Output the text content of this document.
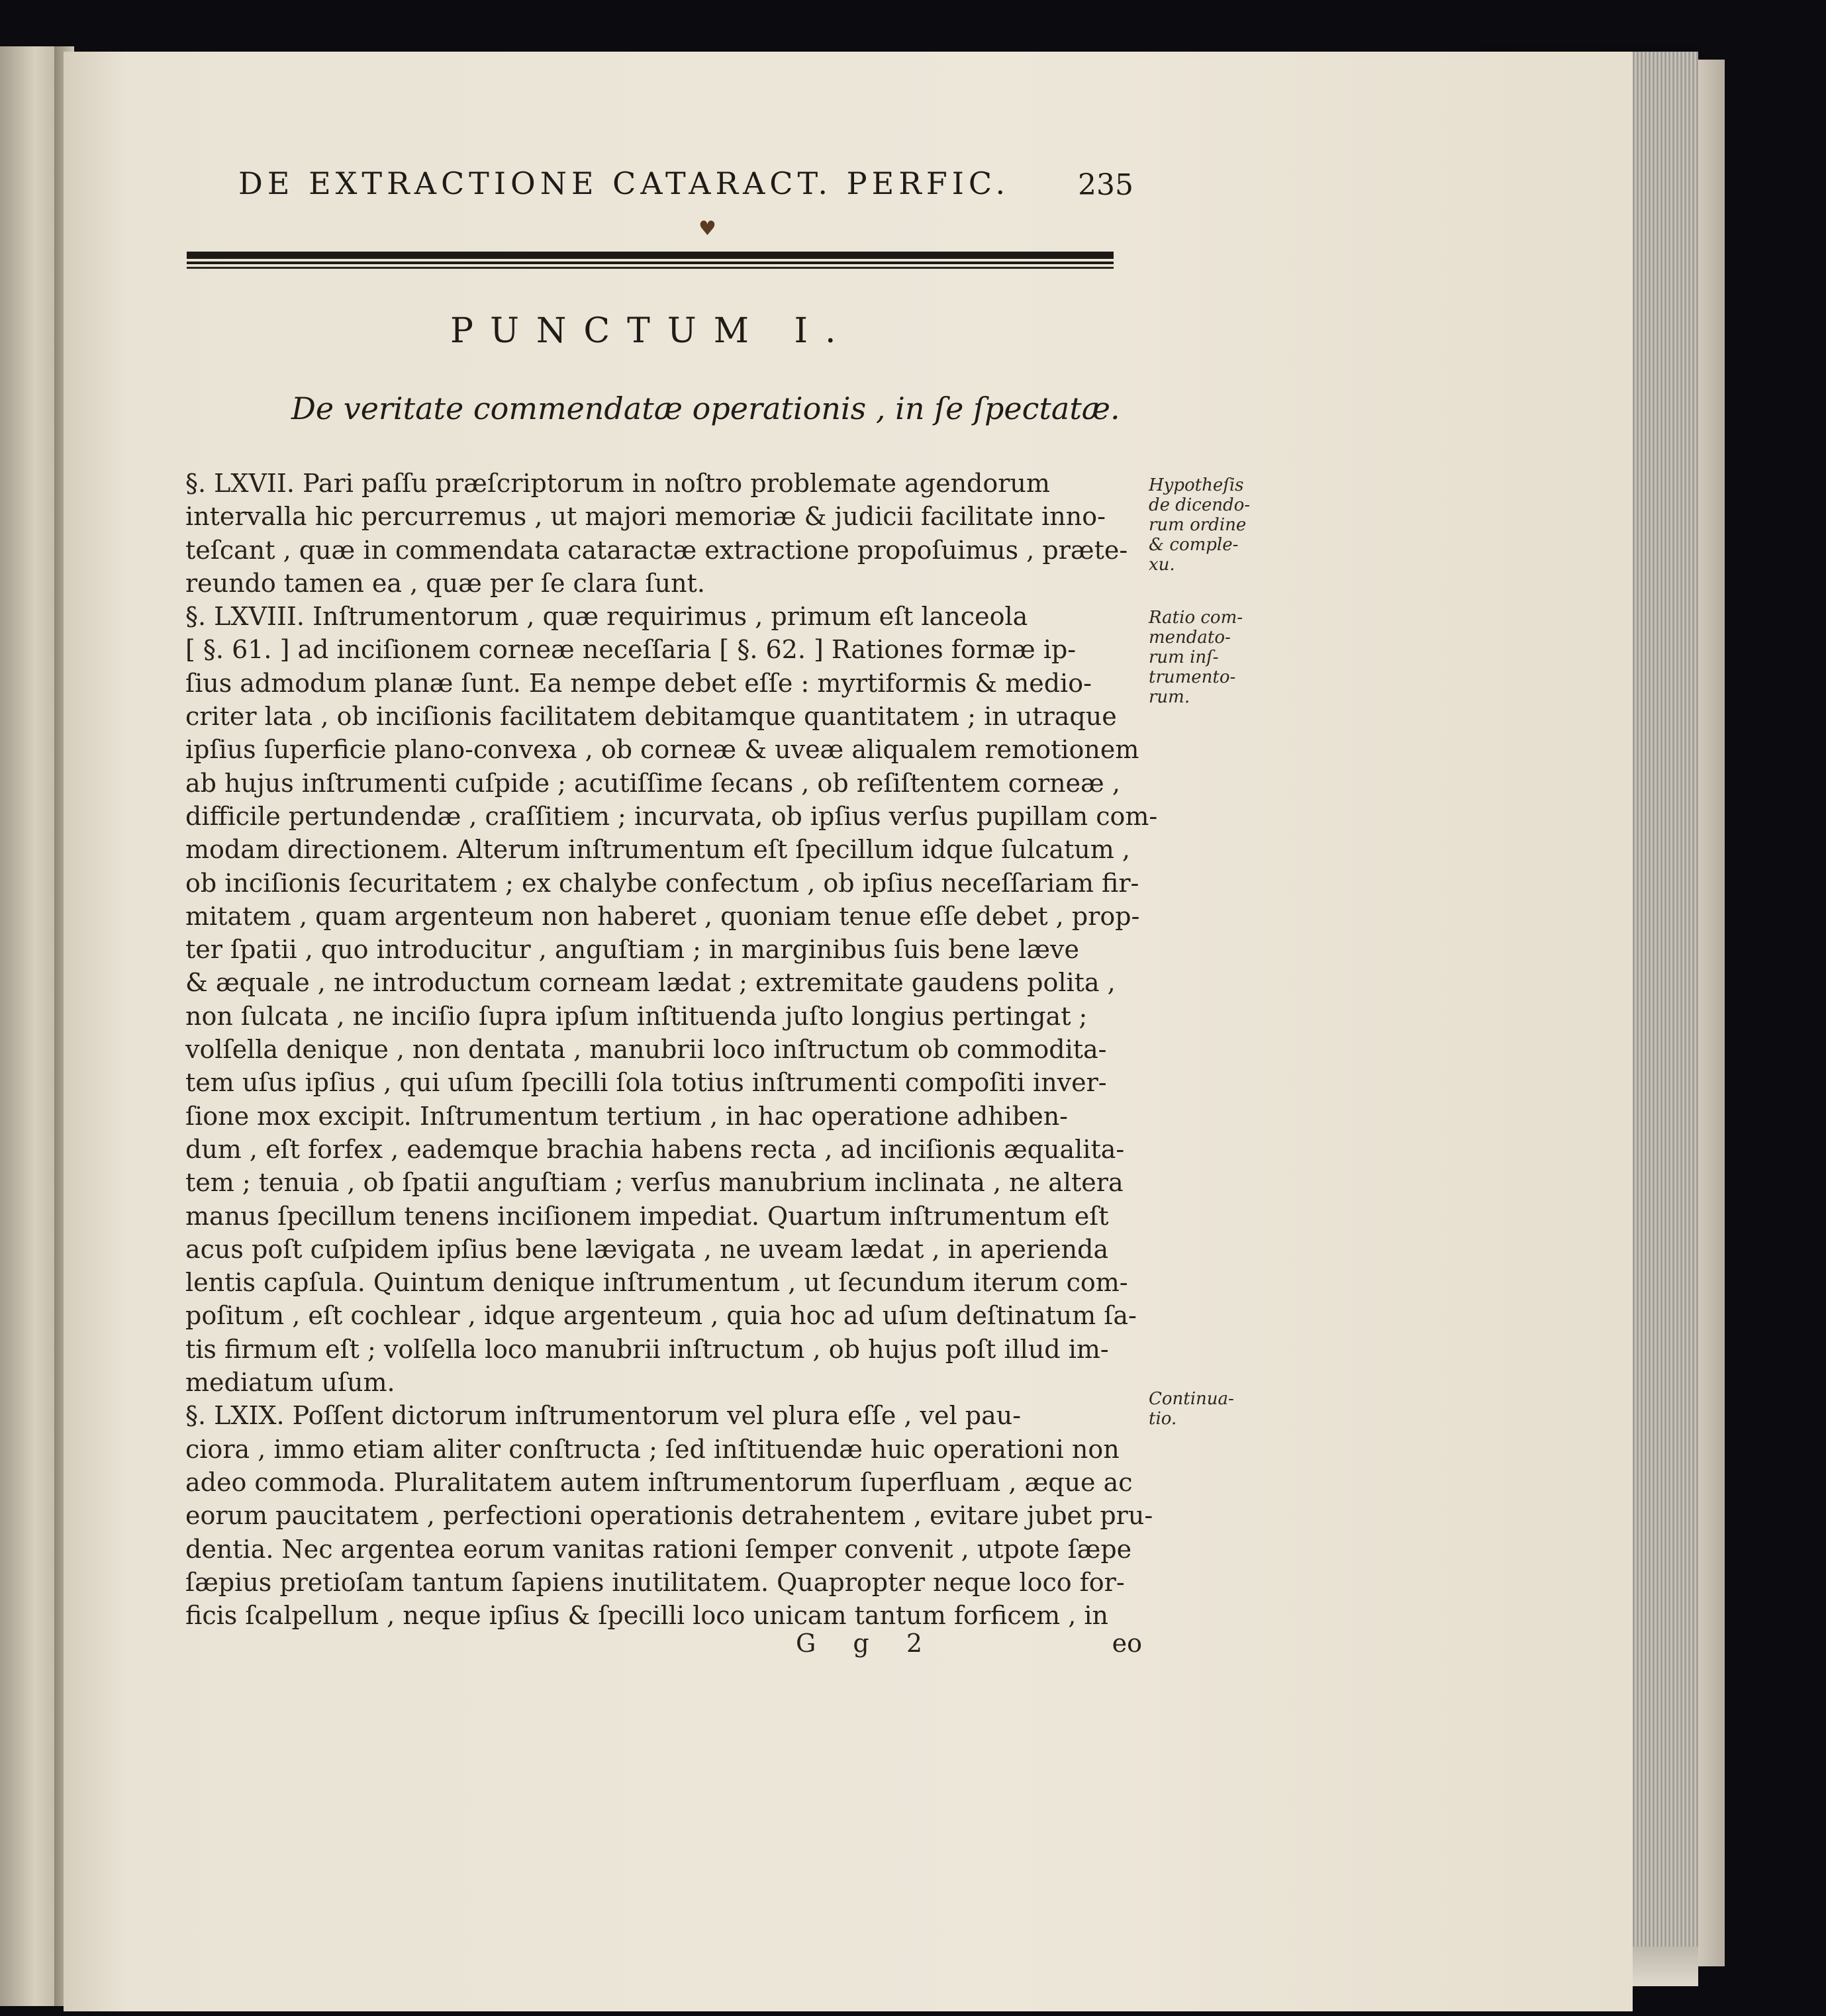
DE EXTRACTIONE CATARACT. PERFIC.	235
♥
PUNCTUM I.
De veritate commendatæ operationis , in ſe ſpectatæ.
§. LXVII. Pari paſſu præſcriptorum in noſtro problemate agendorum
intervalla hic percurremus , ut majori memoriæ & judicii facilitate inno-
teſcant , quæ in commendata cataractæ extractione propoſuimus , præte-
reundo tamen ea , quæ per ſe clara ſunt.
§. LXVIII. Inſtrumentorum , quæ requirimus , primum eſt lanceola
[ §. 61. ] ad inciſionem corneæ neceſſaria [ §. 62. ] Rationes formæ ip-
ſius admodum planæ ſunt. Ea nempe debet eſſe : myrtiformis & medio-
criter lata , ob inciſionis facilitatem debitamque quantitatem ; in utraque
ipſius ſuperficie plano-convexa , ob corneæ & uveæ aliqualem remotionem
ab hujus inſtrumenti cuſpide ; acutiſſime ſecans , ob reſiſtentem corneæ ,
difficile pertundendæ , craſſitiem ; incurvata, ob ipſius verſus pupillam com-
modam directionem. Alterum inſtrumentum eſt ſpecillum idque ſulcatum ,
ob inciſionis ſecuritatem ; ex chalybe confectum , ob ipſius neceſſariam fir-
mitatem , quam argenteum non haberet , quoniam tenue eſſe debet , prop-
ter ſpatii , quo introducitur , anguſtiam ; in marginibus ſuis bene læve
& æquale , ne introductum corneam lædat ; extremitate gaudens polita ,
non ſulcata , ne inciſio ſupra ipſum inſtituenda juſto longius pertingat ;
volſella denique , non dentata , manubrii loco inſtructum ob commodita-
tem uſus ipſius , qui uſum ſpecilli ſola totius inſtrumenti compoſiti inver-
ſione mox excipit. Inſtrumentum tertium , in hac operatione adhiben-
dum , eſt forfex , eademque brachia habens recta , ad inciſionis æqualita-
tem ; tenuia , ob ſpatii anguſtiam ; verſus manubrium inclinata , ne altera
manus ſpecillum tenens inciſionem impediat. Quartum inſtrumentum eſt
acus poſt cuſpidem ipſius bene lævigata , ne uveam lædat , in aperienda
lentis capſula. Quintum denique inſtrumentum , ut ſecundum iterum com-
poſitum , eſt cochlear , idque argenteum , quia hoc ad uſum deſtinatum ſa-
tis firmum eſt ; volſella loco manubrii inſtructum , ob hujus poſt illud im-
mediatum uſum.
§. LXIX. Poſſent dictorum inſtrumentorum vel plura eſſe , vel pau-
ciora , immo etiam aliter conſtructa ; ſed inſtituendæ huic operationi non
adeo commoda. Pluralitatem autem inſtrumentorum ſuperfluam , æque ac
eorum paucitatem , perfectioni operationis detrahentem , evitare jubet pru-
dentia. Nec argentea eorum vanitas rationi ſemper convenit , utpote ſæpe
ſæpius pretioſam tantum ſapiens inutilitatem. Quapropter neque loco for-
ficis ſcalpellum , neque ipſius & ſpecilli loco unicam tantum forficem , in
Hypotheſis
de dicendo-
rum ordine
& comple-
xu.
Ratio com-
mendato-
rum inſ-
trumento-
rum.
Continua-
tio.
G g 2	eo
